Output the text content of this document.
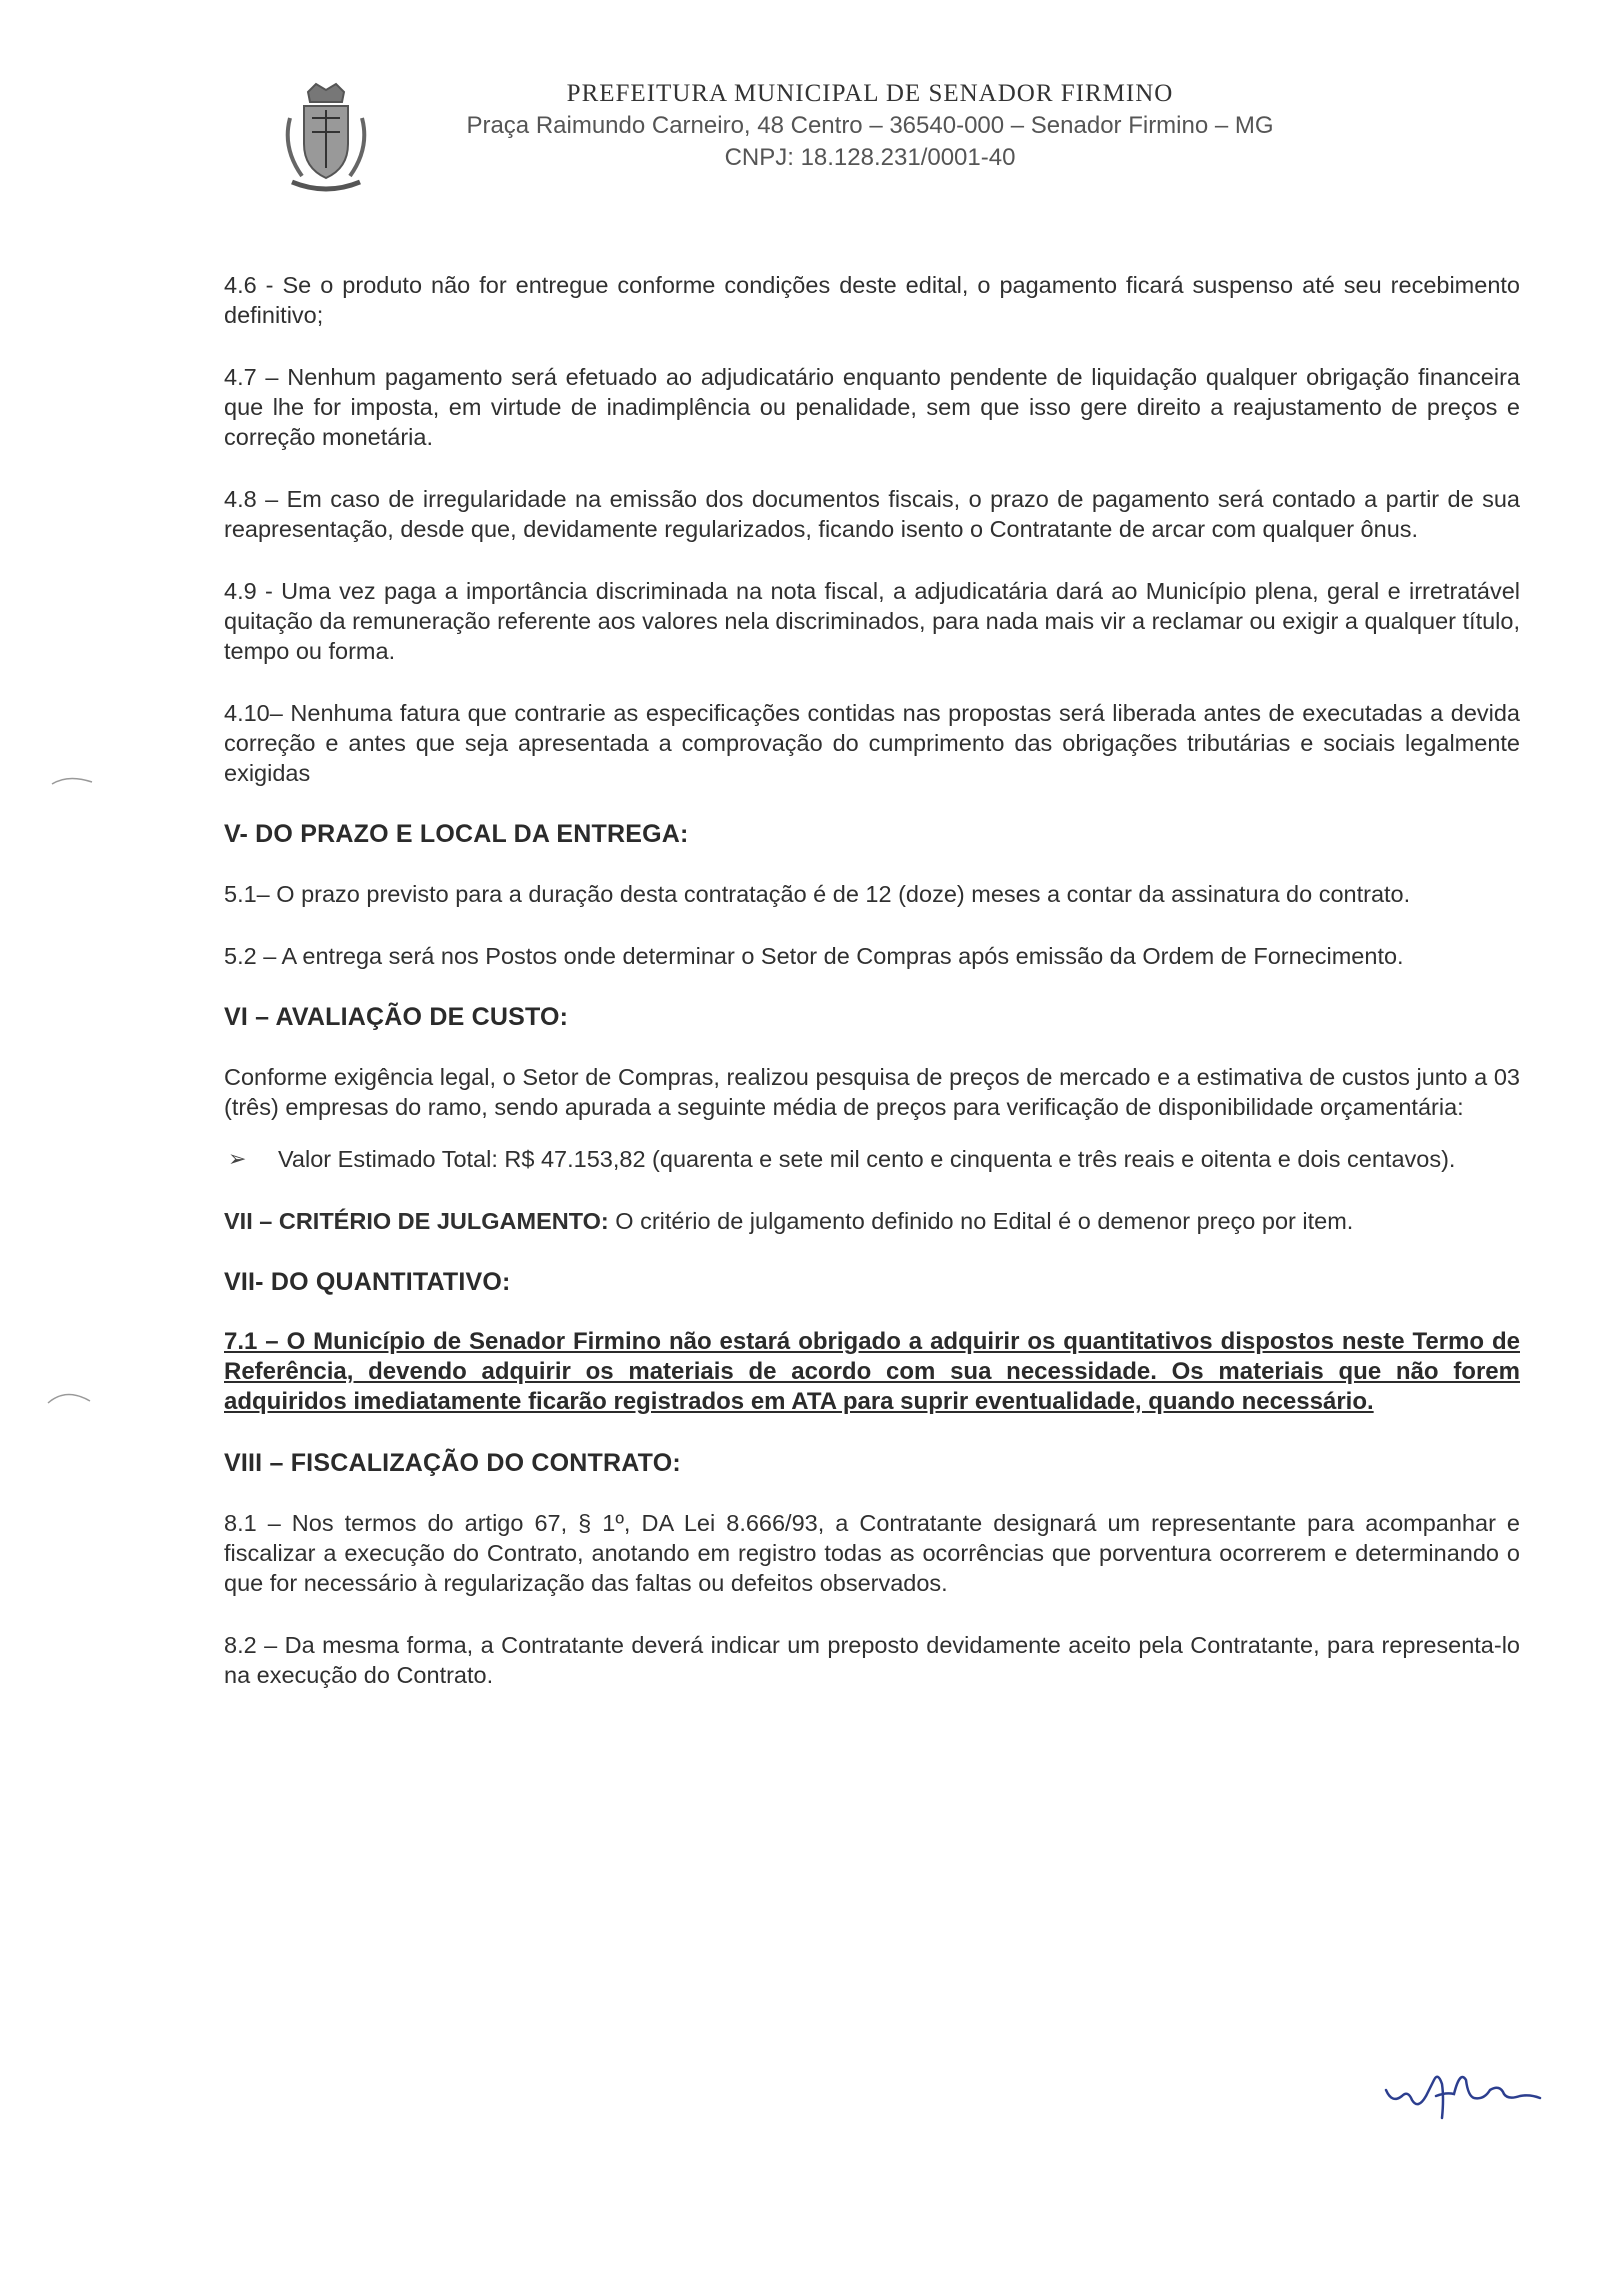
PREFEITURA MUNICIPAL DE SENADOR FIRMINO

Praça Raimundo Carneiro, 48 Centro – 36540-000 – Senador Firmino – MG

CNPJ: 18.128.231/0001-40

4.6 - Se o produto não for entregue conforme condições deste edital, o pagamento ficará suspenso até seu recebimento definitivo;

4.7 – Nenhum pagamento será efetuado ao adjudicatário enquanto pendente de liquidação qualquer obrigação financeira que lhe for imposta, em virtude de inadimplência ou penalidade, sem que isso gere direito a reajustamento de preços e correção monetária.

4.8 – Em caso de irregularidade na emissão dos documentos fiscais, o prazo de pagamento será contado a partir de sua reapresentação, desde que, devidamente regularizados, ficando isento o Contratante de arcar com qualquer ônus.

4.9 - Uma vez paga a importância discriminada na nota fiscal, a adjudicatária dará ao Município plena, geral e irretratável quitação da remuneração referente aos valores nela discriminados, para nada mais vir a reclamar ou exigir a qualquer título, tempo ou forma.

4.10– Nenhuma fatura que contrarie as especificações contidas nas propostas será liberada antes de executadas a devida correção e antes que seja apresentada a comprovação do cumprimento das obrigações tributárias e sociais legalmente exigidas

V- DO PRAZO E LOCAL DA ENTREGA:

5.1– O prazo previsto para a duração desta contratação é de 12 (doze) meses a contar da assinatura do contrato.

5.2 – A entrega será nos Postos onde determinar o Setor de Compras após emissão da Ordem de Fornecimento.

VI – AVALIAÇÃO DE CUSTO:

Conforme exigência legal, o Setor de Compras, realizou pesquisa de preços de mercado e a estimativa de custos junto a 03 (três) empresas do ramo, sendo apurada a seguinte média de preços para verificação de disponibilidade orçamentária:

➢	Valor Estimado Total: R$ 47.153,82 (quarenta e sete mil cento e cinquenta e três reais e oitenta e dois centavos).

VII – CRITÉRIO DE JULGAMENTO: O critério de julgamento definido no Edital é o demenor preço por item.

VII- DO QUANTITATIVO:

7.1 – O Município de Senador Firmino não estará obrigado a adquirir os quantitativos dispostos neste Termo de Referência, devendo adquirir os materiais de acordo com sua necessidade. Os materiais que não forem adquiridos imediatamente ficarão registrados em ATA para suprir eventualidade, quando necessário.

VIII – FISCALIZAÇÃO DO CONTRATO:

8.1 – Nos termos do artigo 67, § 1º, DA Lei 8.666/93, a Contratante designará um representante para acompanhar e fiscalizar a execução do Contrato, anotando em registro todas as ocorrências que porventura ocorrerem e determinando o que for necessário à regularização das faltas ou defeitos observados.

8.2 – Da mesma forma, a Contratante deverá indicar um preposto devidamente aceito pela Contratante, para representa-lo na execução do Contrato.
